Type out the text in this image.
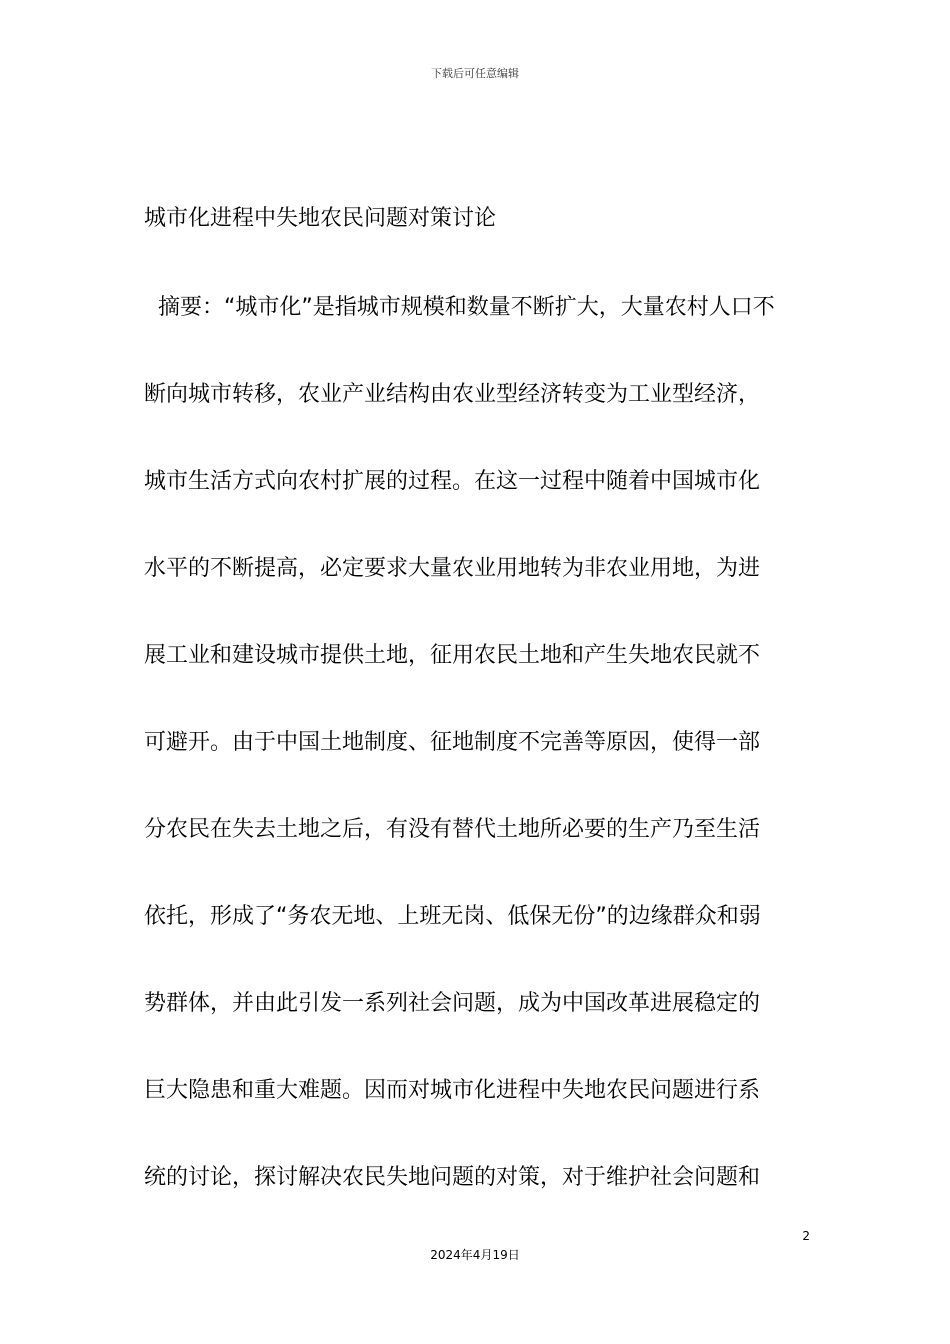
下载后可任意编辑
城市化进程中失地农民问题对策讨论
摘要：“城市化”是指城市规模和数量不断扩大，大量农村人口不
断向城市转移，农业产业结构由农业型经济转变为工业型经济，
城市生活方式向农村扩展的过程。在这一过程中随着中国城市化
水平的不断提高，必定要求大量农业用地转为非农业用地，为进
展工业和建设城市提供土地，征用农民土地和产生失地农民就不
可避开。由于中国土地制度、征地制度不完善等原因，使得一部
分农民在失去土地之后，有没有替代土地所必要的生产乃至生活
依托，形成了“务农无地、上班无岗、低保无份”的边缘群众和弱
势群体，并由此引发一系列社会问题，成为中国改革进展稳定的
巨大隐患和重大难题。因而对城市化进程中失地农民问题进行系
统的讨论，探讨解决农民失地问题的对策，对于维护社会问题和
2
2024年4月19日
